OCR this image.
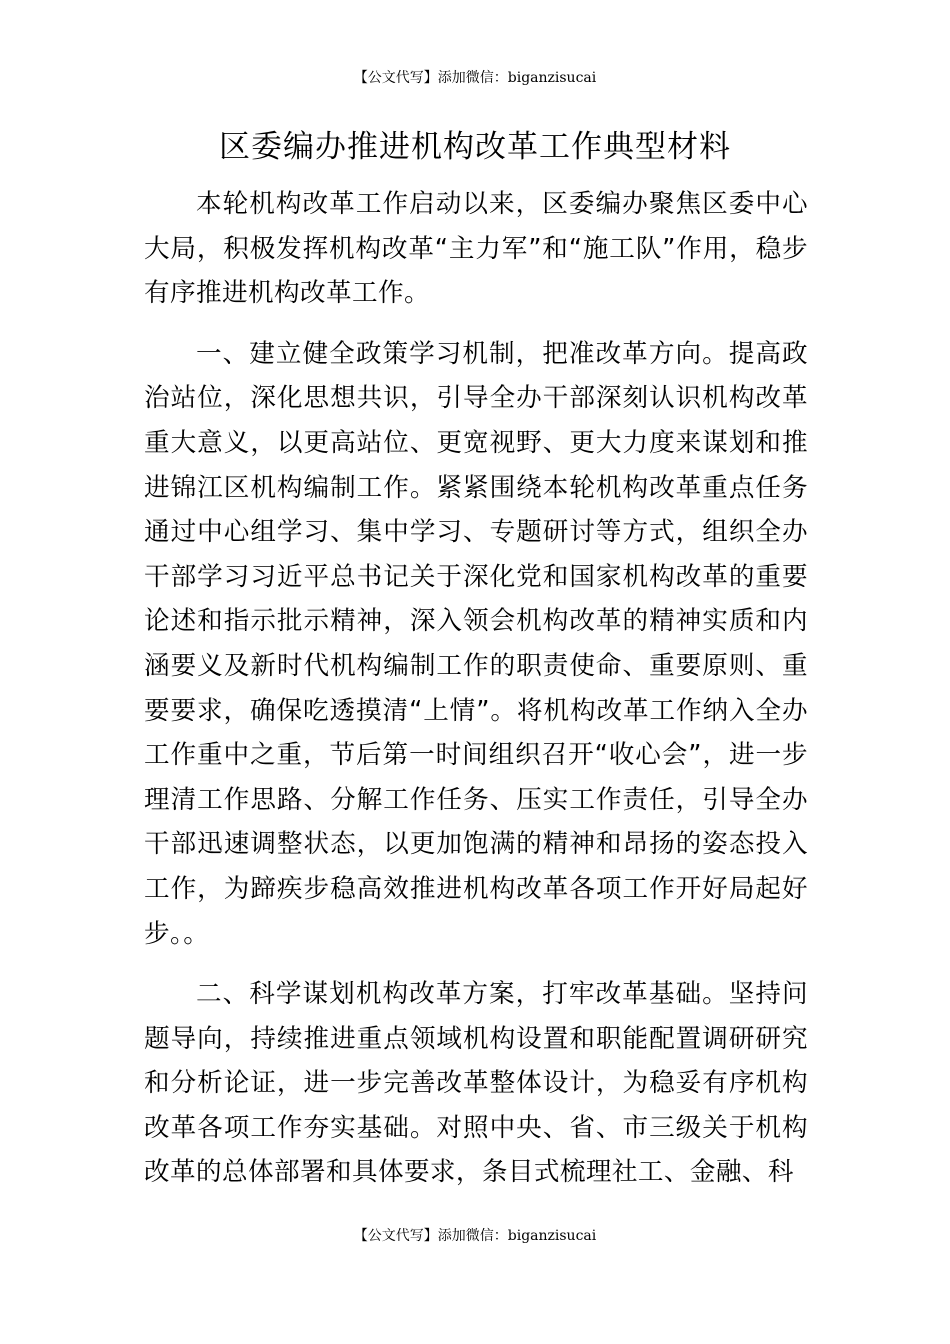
【公文代写】添加微信：biganzisucai
区委编办推进机构改革工作典型材料

本轮机构改革工作启动以来，区委编办聚焦区委中心大局，积极发挥机构改革“主力军”和“施工队”作用，稳步有序推进机构改革工作。

一、建立健全政策学习机制，把准改革方向。提高政治站位，深化思想共识，引导全办干部深刻认识机构改革重大意义，以更高站位、更宽视野、更大力度来谋划和推进锦江区机构编制工作。紧紧围绕本轮机构改革重点任务通过中心组学习、集中学习、专题研讨等方式，组织全办干部学习习近平总书记关于深化党和国家机构改革的重要论述和指示批示精神，深入领会机构改革的精神实质和内涵要义及新时代机构编制工作的职责使命、重要原则、重要要求，确保吃透摸清“上情”。将机构改革工作纳入全办工作重中之重，节后第一时间组织召开“收心会”，进一步理清工作思路、分解工作任务、压实工作责任，引导全办干部迅速调整状态，以更加饱满的精神和昂扬的姿态投入工作，为蹄疾步稳高效推进机构改革各项工作开好局起好步。。

二、科学谋划机构改革方案，打牢改革基础。坚持问题导向，持续推进重点领域机构设置和职能配置调研研究和分析论证，进一步完善改革整体设计，为稳妥有序机构改革各项工作夯实基础。对照中央、省、市三级关于机构改革的总体部署和具体要求，条目式梳理社工、金融、科

【公文代写】添加微信：biganzisucai
